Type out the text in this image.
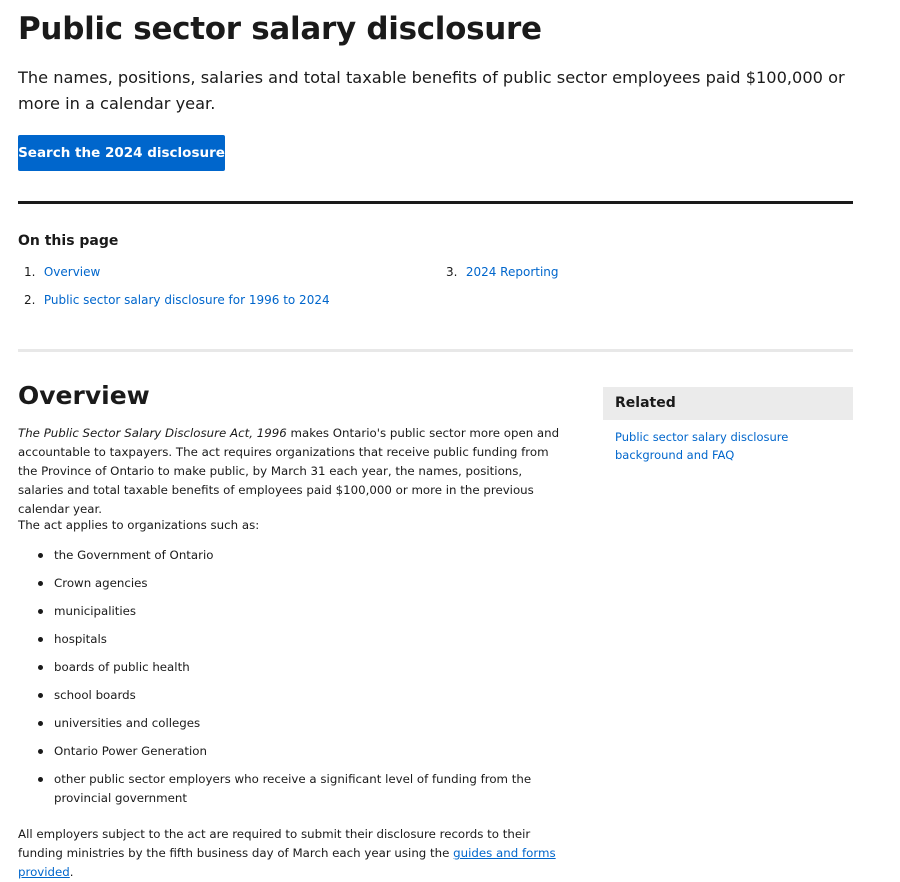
Public sector salary disclosure

The names, positions, salaries and total taxable benefits of public sector employees paid $100,000 or more in a calendar year.

Search the 2024 disclosure
On this page
1. Overview
2. Public sector salary disclosure for 1996 to 2024
3. 2024 Reporting
Overview

The Public Sector Salary Disclosure Act, 1996 makes Ontario's public sector more open and accountable to taxpayers. The act requires organizations that receive public funding from the Province of Ontario to make public, by March 31 each year, the names, positions, salaries and total taxable benefits of employees paid $100,000 or more in the previous calendar year.

The act applies to organizations such as:

the Government of Ontario
Crown agencies
municipalities
hospitals
boards of public health
school boards
universities and colleges
Ontario Power Generation
other public sector employers who receive a significant level of funding from the provincial government

All employers subject to the act are required to submit their disclosure records to their funding ministries by the fifth business day of March each year using the guides and forms provided.

Related
Public sector salary disclosure background and FAQ
